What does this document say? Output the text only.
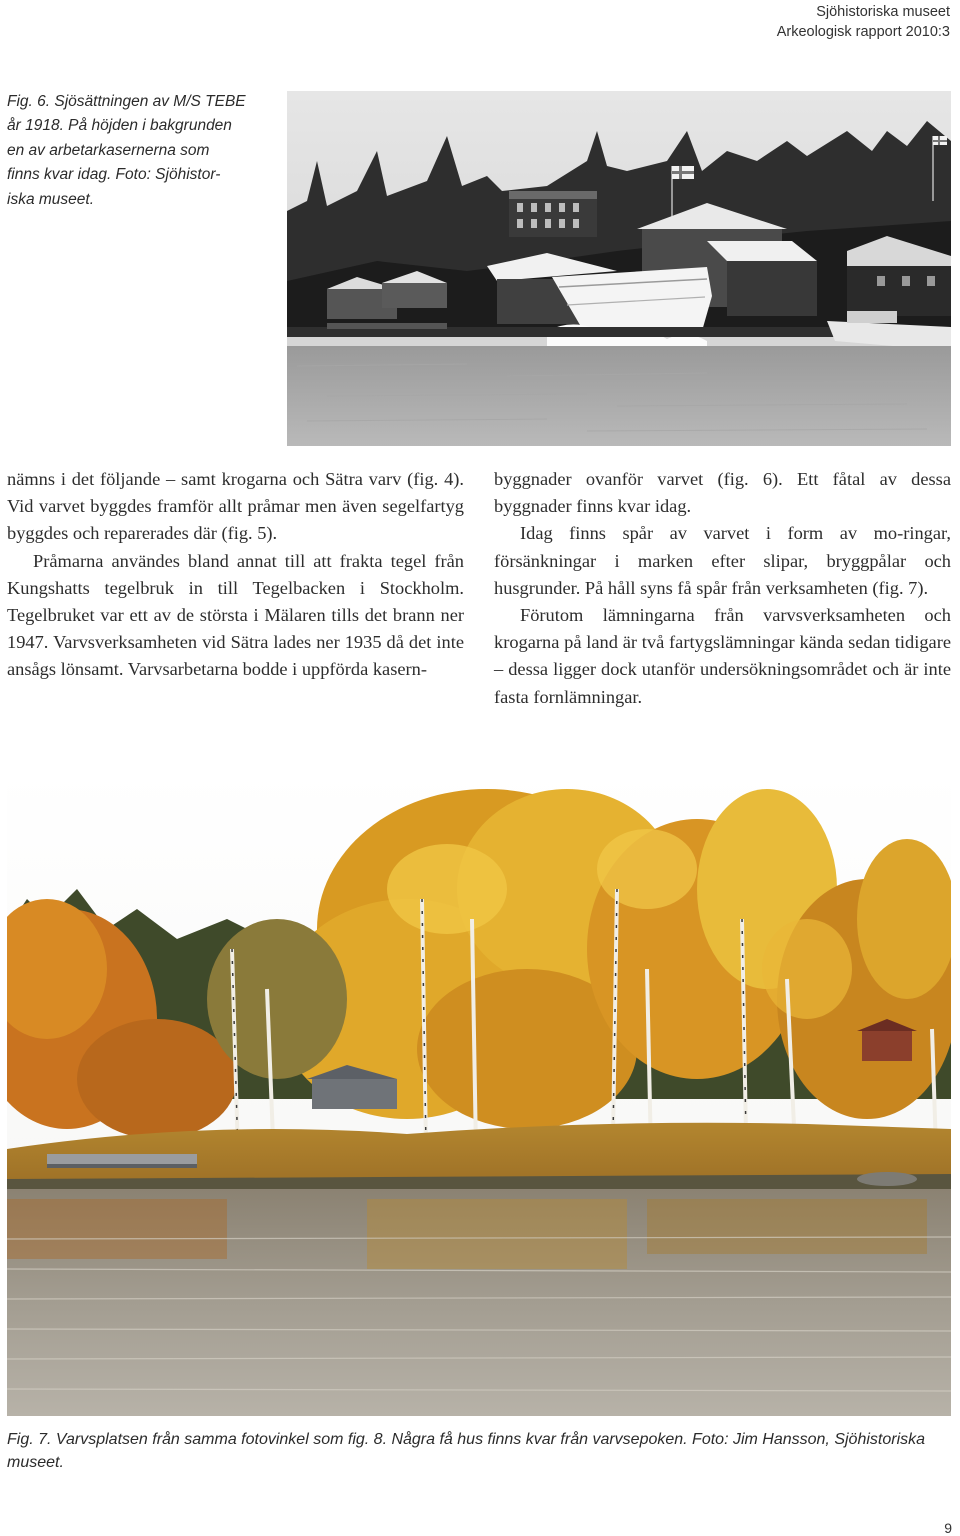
Sjöhistoriska museet
Arkeologisk rapport 2010:3
Fig. 6. Sjösättningen av M/S TEBE
år 1918. På höjden i bakgrunden
en av arbetarkasernerna som
finns kvar idag. Foto: Sjöhistor-
iska museet.

nämns i det följande – samt krogarna och Sätra varv (fig. 4). Vid varvet byggdes framför allt pråmar men även segelfartyg byggdes och reparerades där (fig. 5).

Pråmarna användes bland annat till att frakta tegel från Kungshatts tegelbruk in till Tegelbacken i Stockholm. Tegelbruket var ett av de största i Mälaren tills det brann ner 1947. Varvsverksamheten vid Sätra lades ner 1935 då det inte ansågs lönsamt. Varvsarbetarna bodde i uppförda kasern-

byggnader ovanför varvet (fig. 6). Ett fåtal av dessa byggnader finns kvar idag.

Idag finns spår av varvet i form av mo-ringar, försänkningar i marken efter slipar, bryggpålar och husgrunder. På håll syns få spår från verksamheten (fig. 7).

Förutom lämningarna från varvsverksamheten och krogarna på land är två fartygslämningar kända sedan tidigare – dessa ligger dock utanför undersökningsområdet och är inte fasta fornlämningar.

Fig. 7. Varvsplatsen från samma fotovinkel som fig. 8. Några få hus finns kvar från varvsepoken. Foto: Jim Hansson, Sjöhistoriska museet.
9
